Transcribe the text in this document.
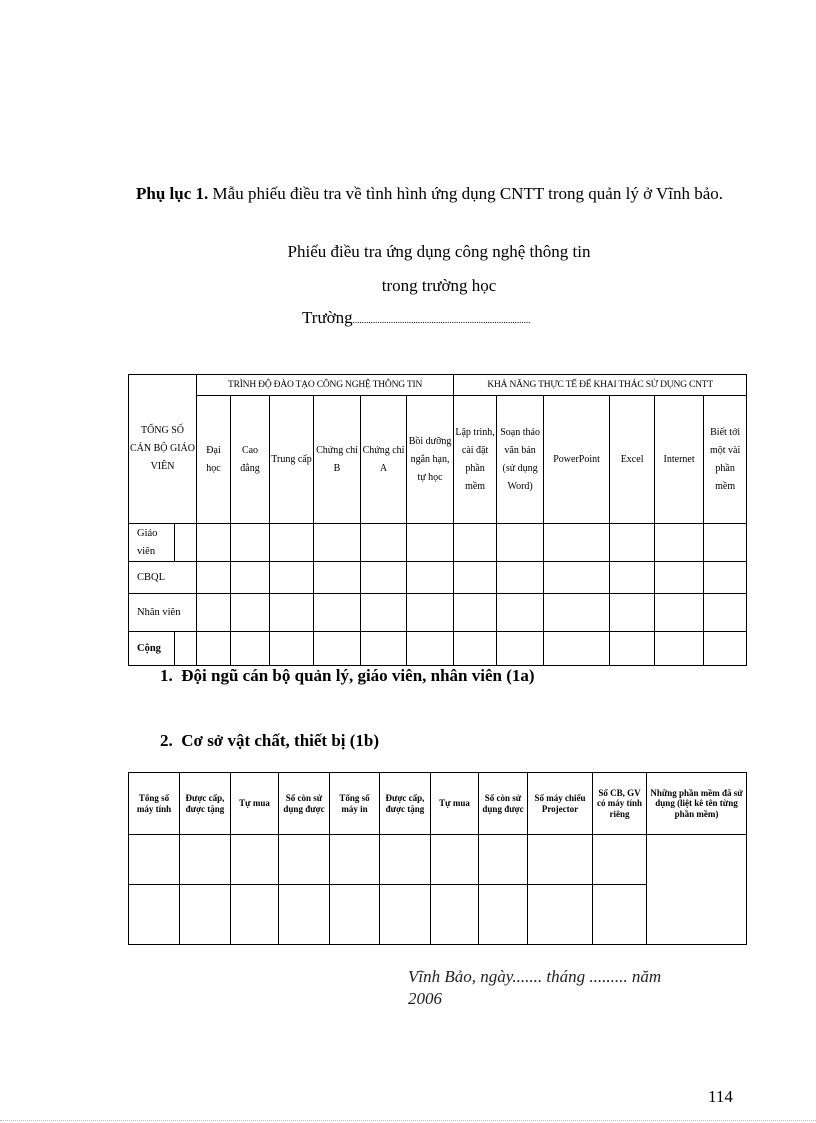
Phụ lục 1. Mẫu phiếu điều tra về tình hình ứng dụng CNTT trong quản lý ở Vĩnh bảo.
Phiếu điều tra ứng dụng công nghệ thông tin
trong trường học
Trường...............................................................................
TỔNG SỐ CÁN BỘ GIÁO VIÊN		TRÌNH ĐỘ ĐÀO TẠO CÔNG NGHỆ THÔNG TIN						KHẢ NĂNG THỰC TẾ ĐỂ KHAI THÁC SỬ DỤNG CNTT					
		Đại học	Cao đẳng	Trung cấp	Chứng chỉ B	Chứng chỉ A	Bồi dưỡng ngắn hạn, tự học	Lập trình, cài đặt phần mềm	Soạn thảo văn bản (sử dụng Word)	PowerPoint	Excel	Internet	Biết tới một vài phần mềm
Giáo viên													
CBQL													
Nhân viên													
Cộng													
1. Đội ngũ cán bộ quản lý, giáo viên, nhân viên (1a)
2. Cơ sở vật chất, thiết bị (1b)
Tổng số máy tính	Được cấp, được tặng	Tự mua	Số còn sử dụng được	Tổng số máy in	Được cấp, được tặng	Tự mua	Số còn sử dụng được	Số máy chiếu Projector	Số CB, GV có máy tính riêng	Những phần mềm đã sử dụng (liệt kê tên từng phần mềm)

Vĩnh Bảo, ngày....... tháng ......... năm
2006
114
